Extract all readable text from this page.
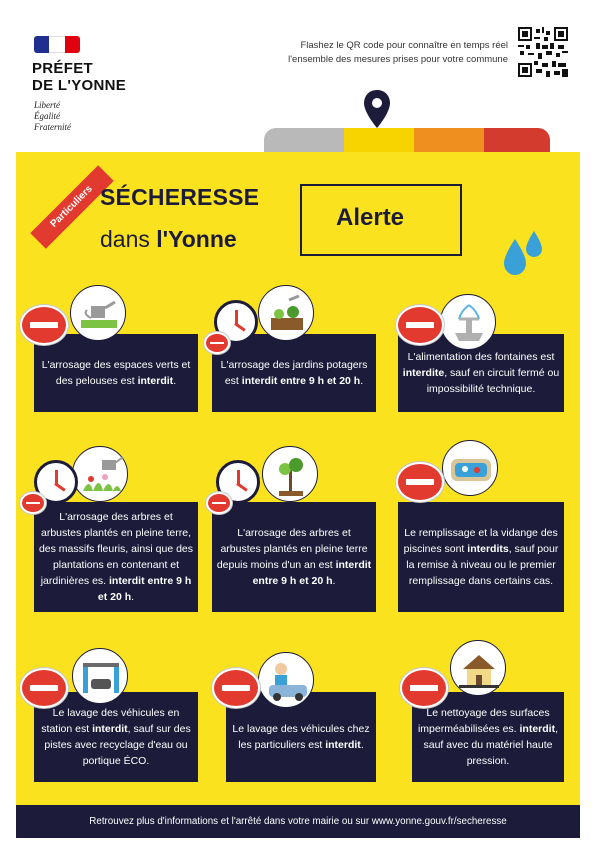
PRÉFET
DE L'YONNE
Liberté
Égalité
Fraternité
Flashez le QR code pour connaître en temps réel
l'ensemble des mesures prises pour votre commune
Particuliers SÉCHERESSE
dans l'Yonne
Alerte
L'arrosage des espaces verts et des pelouses est interdit.
L'arrosage des jardins potagers est interdit entre 9 h et 20 h.
L'alimentation des fontaines est interdite, sauf en circuit fermé ou impossibilité technique.
L'arrosage des arbres et arbustes plantés en pleine terre, des massifs fleuris, ainsi que des plantations en contenant et jardinières es. interdit entre 9 h et 20 h.
L'arrosage des arbres et arbustes plantés en pleine terre depuis moins d'un an est interdit entre 9 h et 20 h.
Le remplissage et la vidange des piscines sont interdits, sauf pour la remise à niveau ou le premier remplissage dans certains cas.
Le lavage des véhicules en station est interdit, sauf sur des pistes avec recyclage d'eau ou portique ÉCO.
Le lavage des véhicules chez les particuliers est interdit.
Le nettoyage des surfaces imperméabilisées es. interdit, sauf avec du matériel haute pression.
Retrouvez plus d'informations et l'arrêté dans votre mairie ou sur www.yonne.gouv.fr/secheresse
